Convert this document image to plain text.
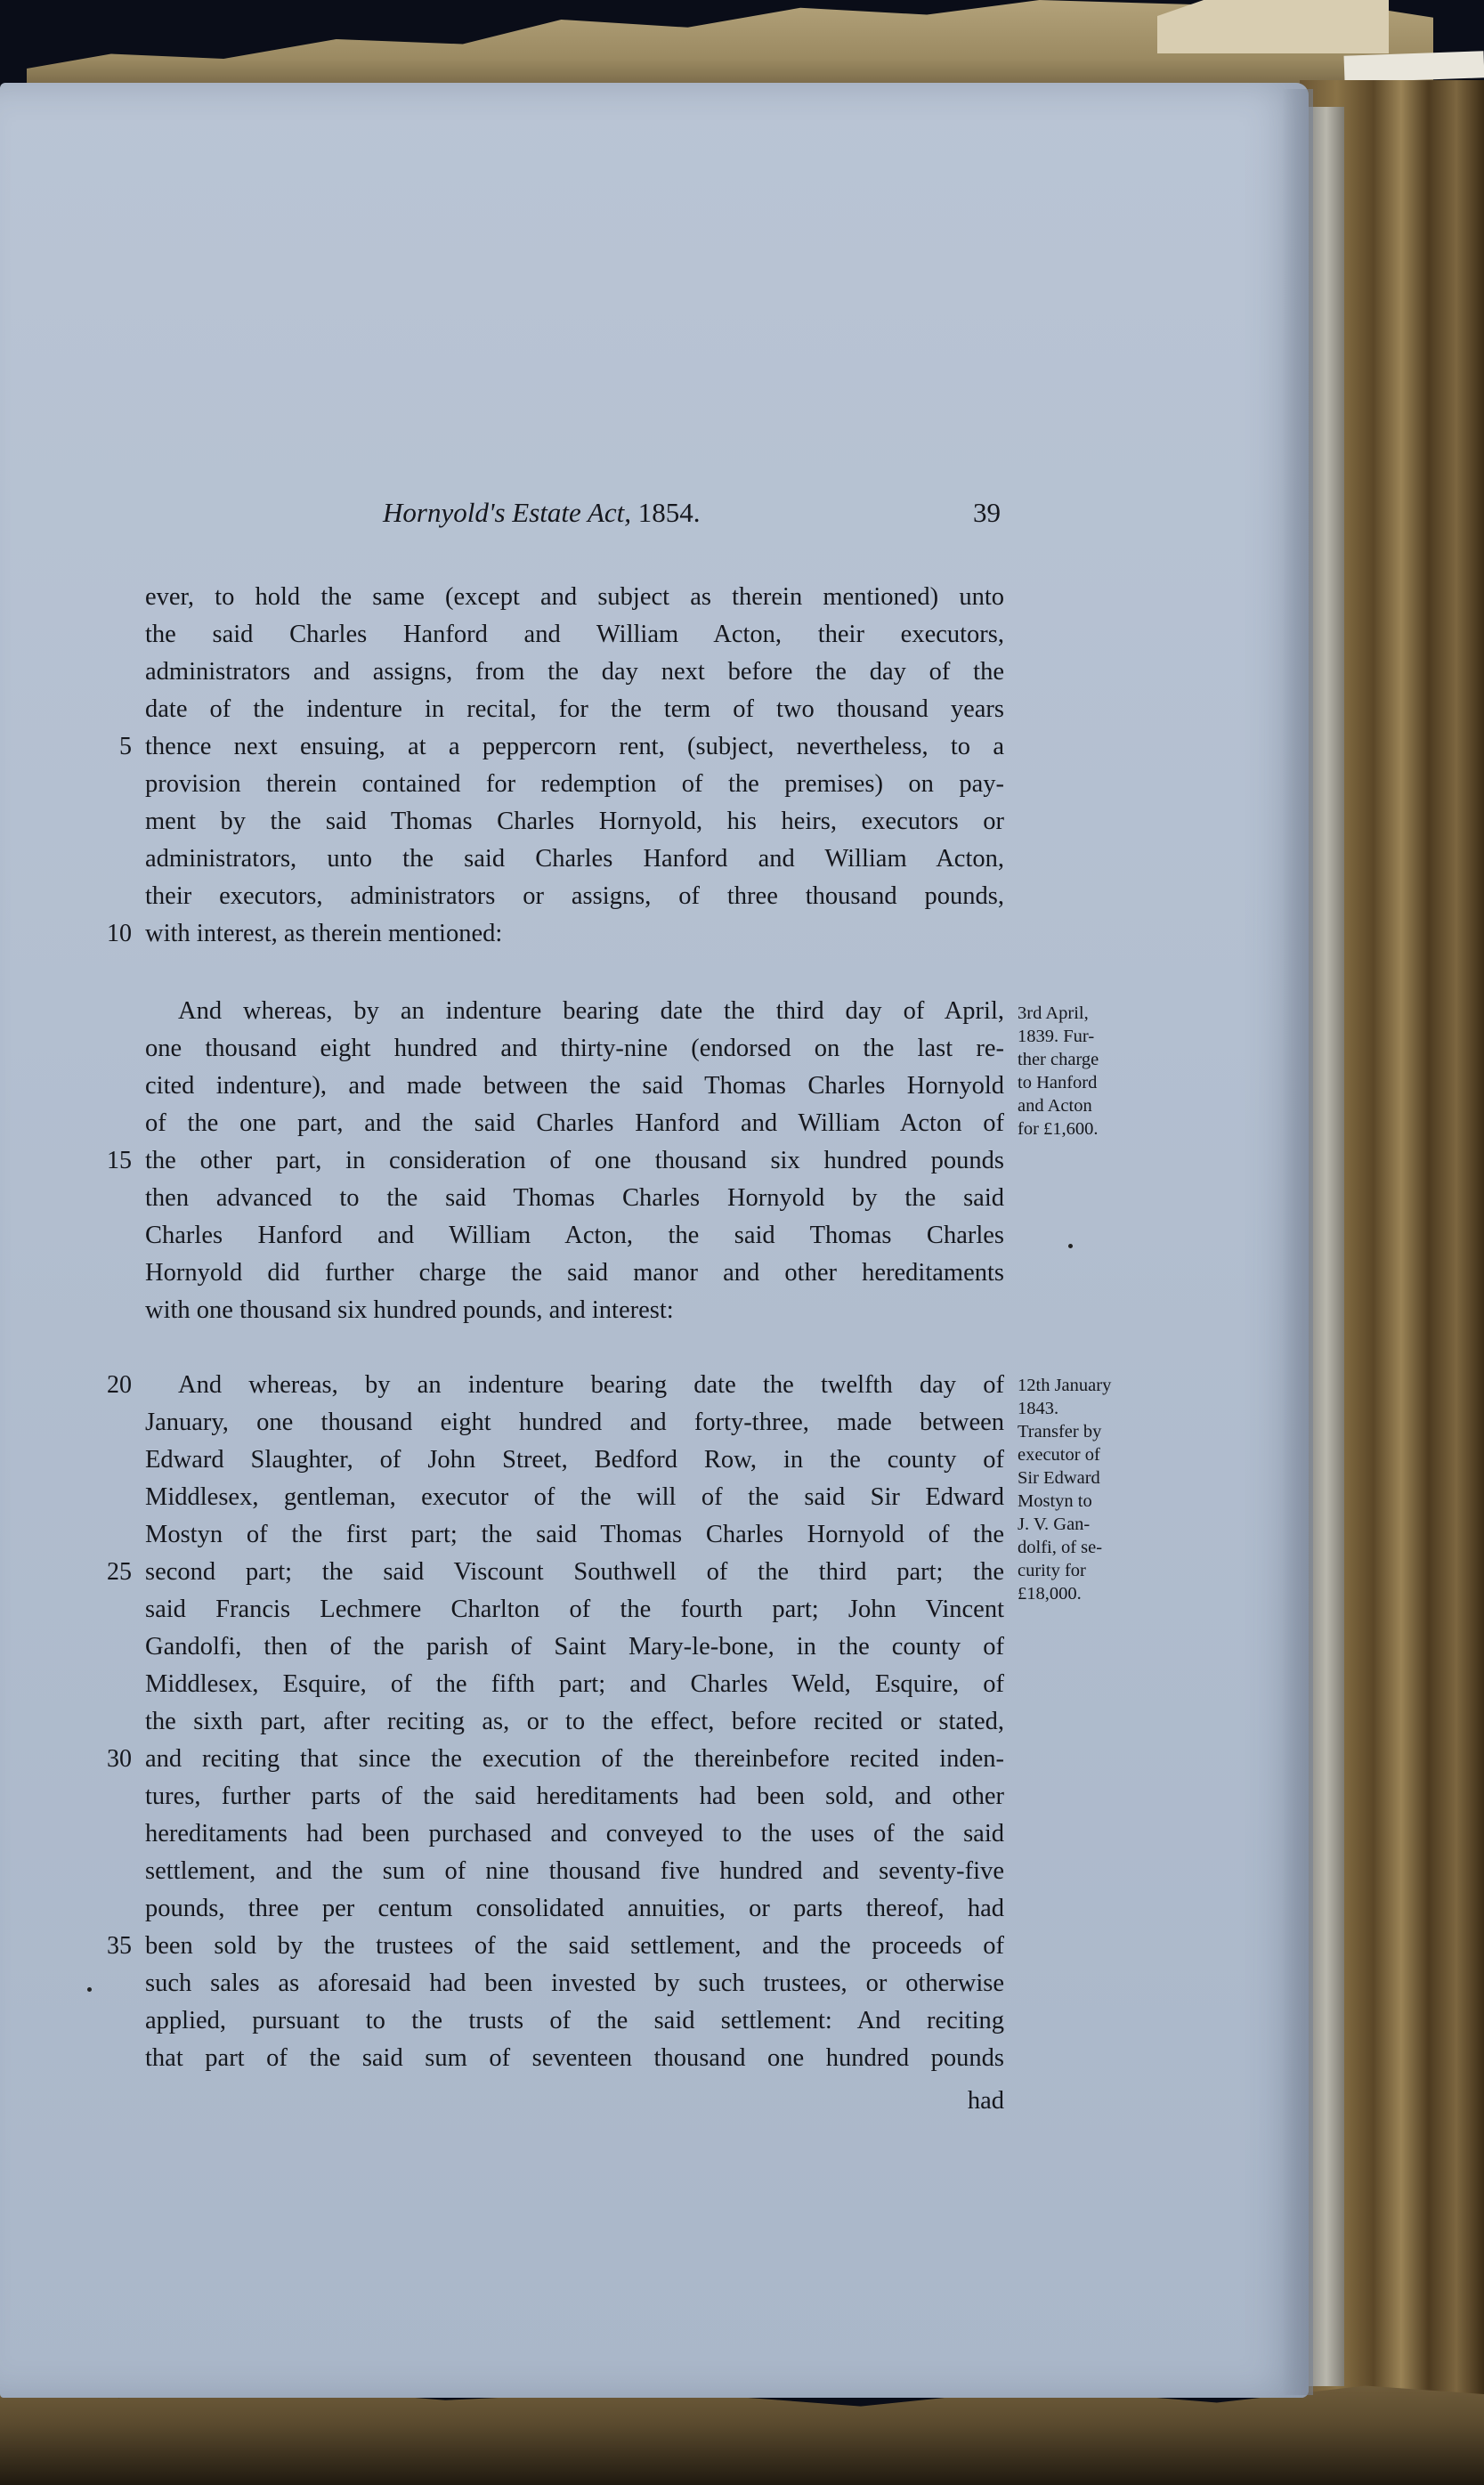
Hornyold's Estate Act, 1854.	39
ever, to hold the same (except and subject as therein mentioned) unto
the said Charles Hanford and William Acton, their executors,
administrators and assigns, from the day next before the day of the
date of the indenture in recital, for the term of two thousand years
thence next ensuing, at a peppercorn rent, (subject, nevertheless, to a
provision therein contained for redemption of the premises) on pay-
ment by the said Thomas Charles Hornyold, his heirs, executors or
administrators, unto the said Charles Hanford and William Acton,
their executors, administrators or assigns, of three thousand pounds,
with interest, as therein mentioned:
And whereas, by an indenture bearing date the third day of April,
one thousand eight hundred and thirty-nine (endorsed on the last re-
cited indenture), and made between the said Thomas Charles Hornyold
of the one part, and the said Charles Hanford and William Acton of
the other part, in consideration of one thousand six hundred pounds
then advanced to the said Thomas Charles Hornyold by the said
Charles Hanford and William Acton, the said Thomas Charles
Hornyold did further charge the said manor and other hereditaments
with one thousand six hundred pounds, and interest:
And whereas, by an indenture bearing date the twelfth day of
January, one thousand eight hundred and forty-three, made between
Edward Slaughter, of John Street, Bedford Row, in the county of
Middlesex, gentleman, executor of the will of the said Sir Edward
Mostyn of the first part; the said Thomas Charles Hornyold of the
second part; the said Viscount Southwell of the third part; the
said Francis Lechmere Charlton of the fourth part; John Vincent
Gandolfi, then of the parish of Saint Mary-le-bone, in the county of
Middlesex, Esquire, of the fifth part; and Charles Weld, Esquire, of
the sixth part, after reciting as, or to the effect, before recited or stated,
and reciting that since the execution of the thereinbefore recited inden-
tures, further parts of the said hereditaments had been sold, and other
hereditaments had been purchased and conveyed to the uses of the said
settlement, and the sum of nine thousand five hundred and seventy-five
pounds, three per centum consolidated annuities, or parts thereof, had
been sold by the trustees of the said settlement, and the proceeds of
such sales as aforesaid had been invested by such trustees, or otherwise
applied, pursuant to the trusts of the said settlement: And reciting
that part of the said sum of seventeen thousand one hundred pounds
had
5
10
15
20
25
30
35
3rd April,
1839. Fur-
ther charge
to Hanford
and Acton
for £1,600.
12th January
1843.
Transfer by
executor of
Sir Edward
Mostyn to
J. V. Gan-
dolfi, of se-
curity for
£18,000.
